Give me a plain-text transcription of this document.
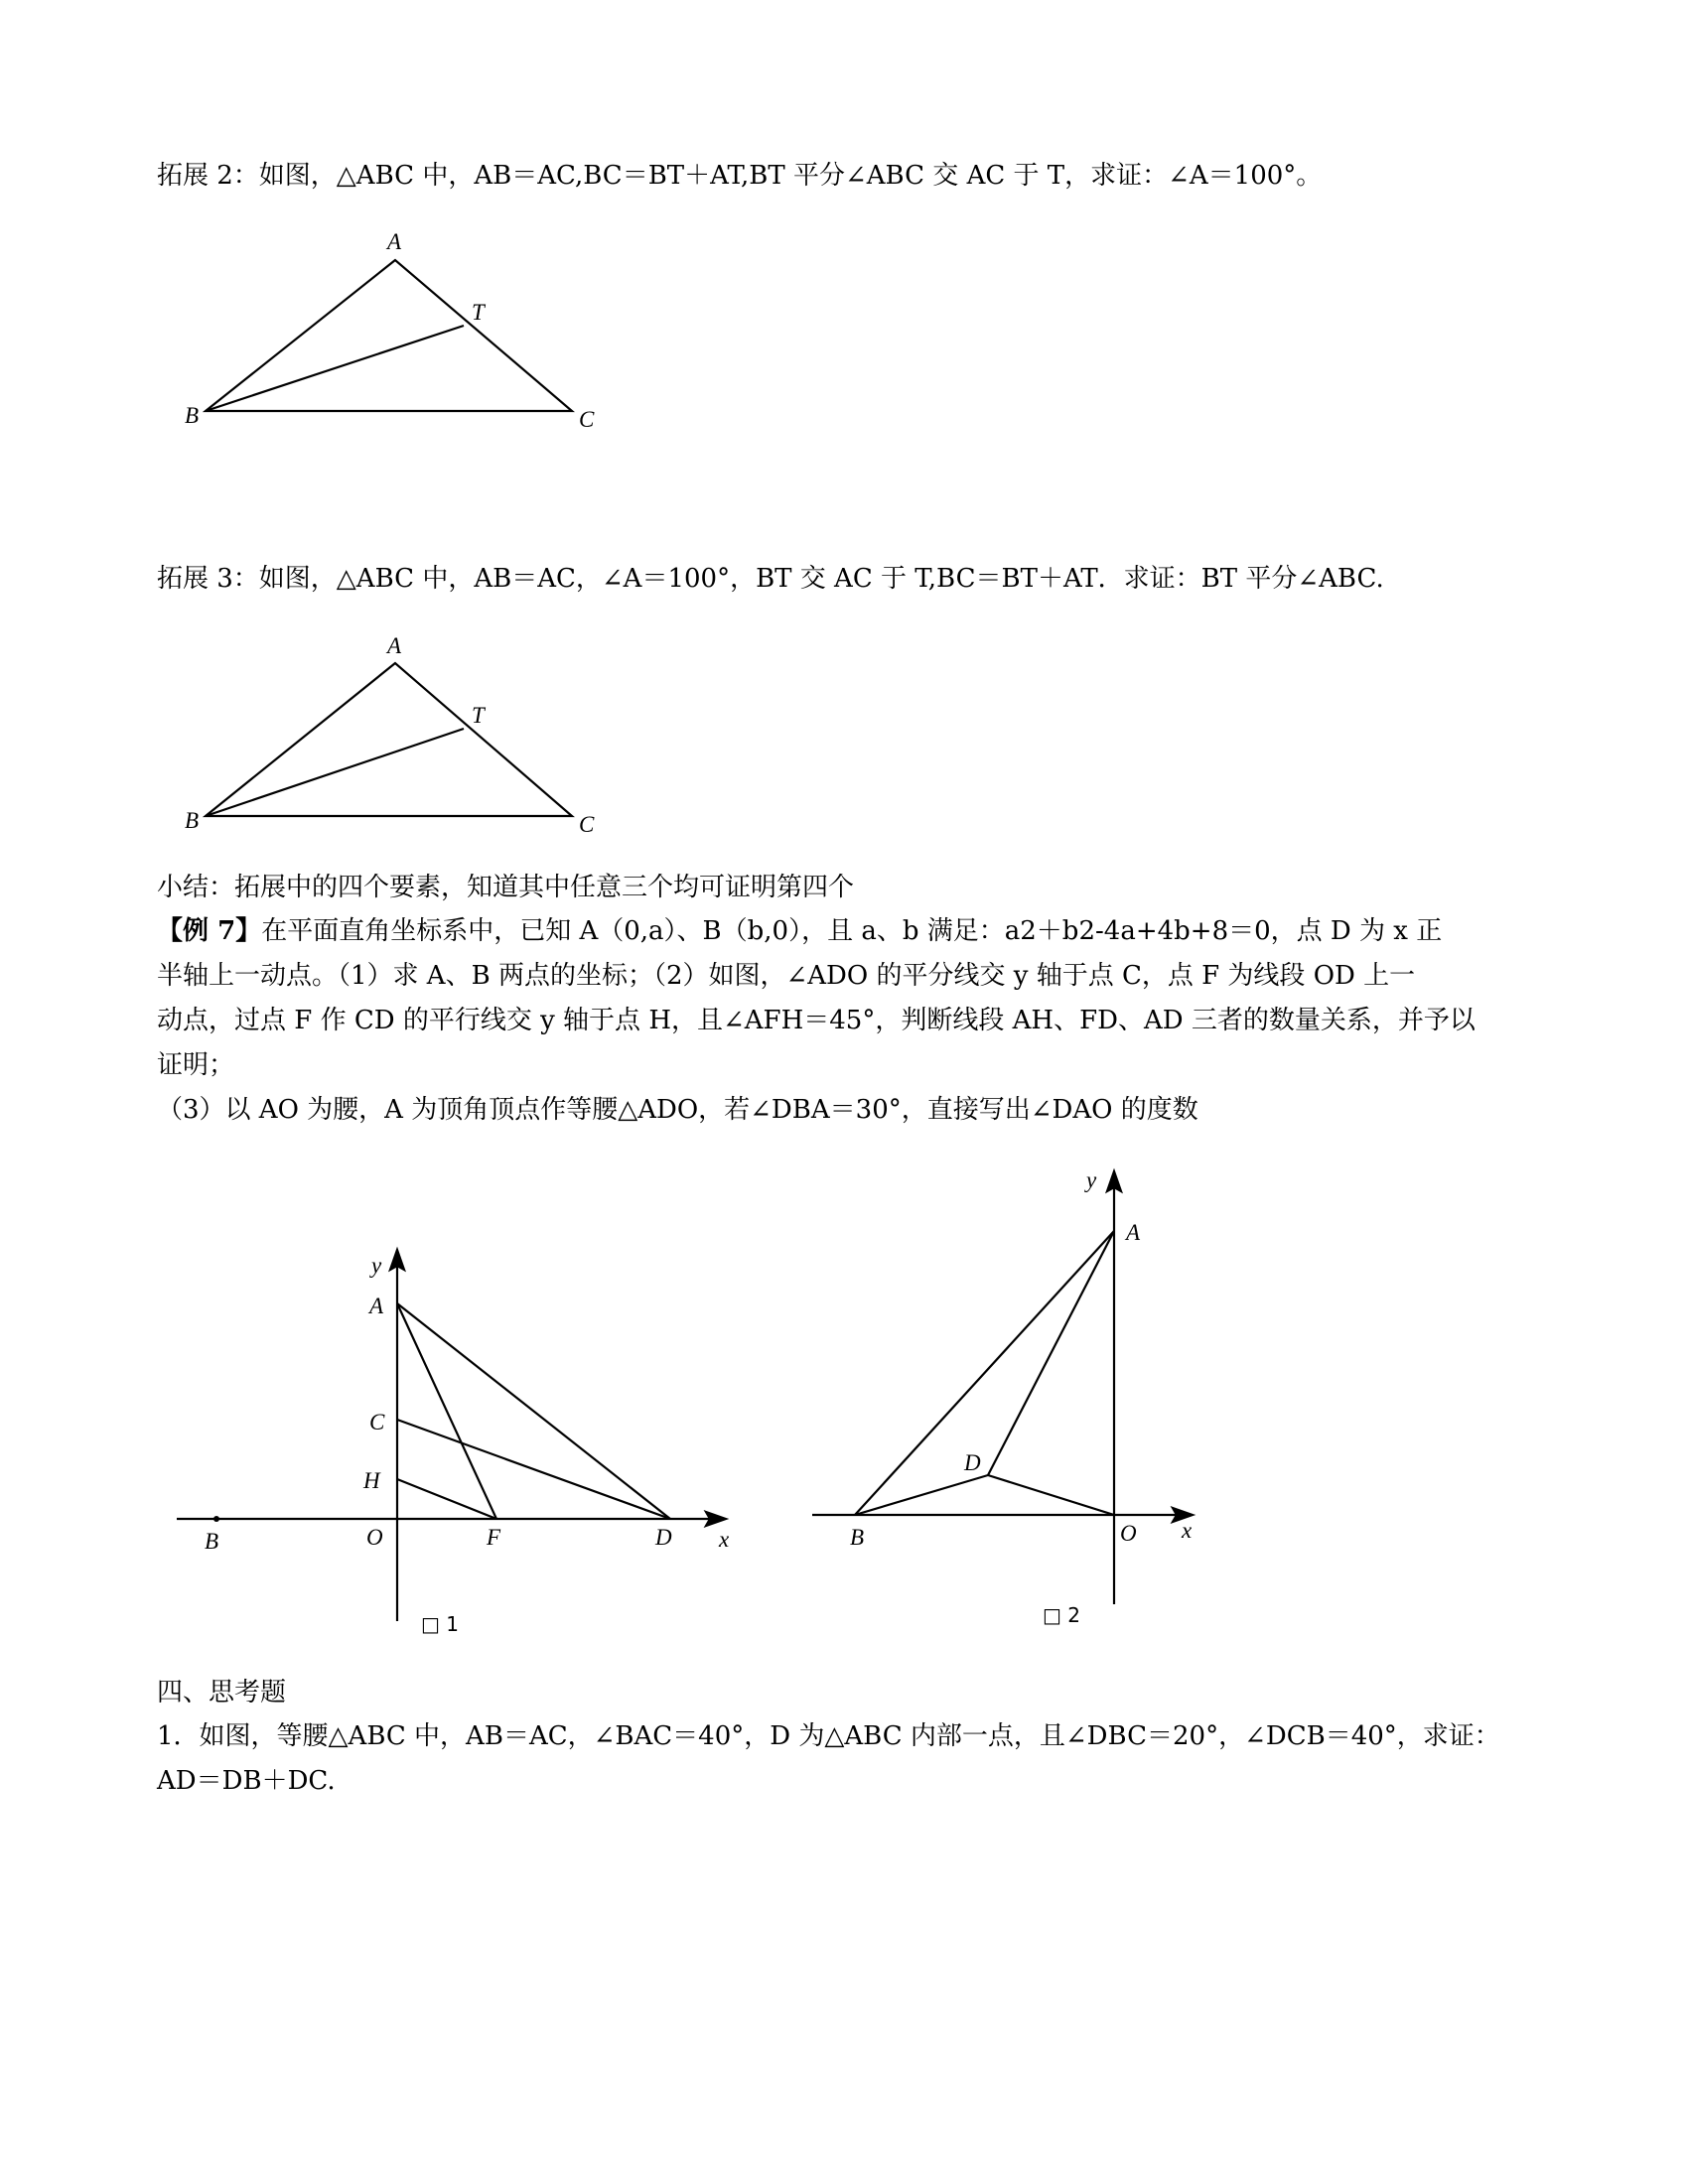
拓展 2：如图，△ABC 中，AB＝AC,BC＝BT＋AT,BT 平分∠ABC 交 AC 于 T，求证：∠A＝100°。
A
B	C
T
拓展 3：如图，△ABC 中，AB＝AC，∠A＝100°，BT 交 AC 于 T,BC＝BT＋AT．求证：BT 平分∠ABC.
A
B	C
T
小结：拓展中的四个要素，知道其中任意三个均可证明第四个
【例 7】在平面直角坐标系中，已知 A（0,a）、B（b,0），且 a、b 满足：a2＋b2-4a+4b+8＝0，点 D 为 x 正
半轴上一动点。（1）求 A、B 两点的坐标；（2）如图，∠ADO 的平分线交 y 轴于点 C，点 F 为线段 OD 上一
动点，过点 F 作 CD 的平行线交 y 轴于点 H，且∠AFH＝45°，判断线段 AH、FD、AD 三者的数量关系，并予以
证明；
（3）以 AO 为腰，A 为顶角顶点作等腰△ADO，若∠DBA＝30°，直接写出∠DAO 的度数
y
x
A
C
H
B	O	F	D
□ 1
y
x
A
D
B	O
□ 2
四、思考题
1．如图，等腰△ABC 中，AB＝AC，∠BAC＝40°，D 为△ABC 内部一点，且∠DBC＝20°，∠DCB＝40°，求证：
AD＝DB＋DC.
